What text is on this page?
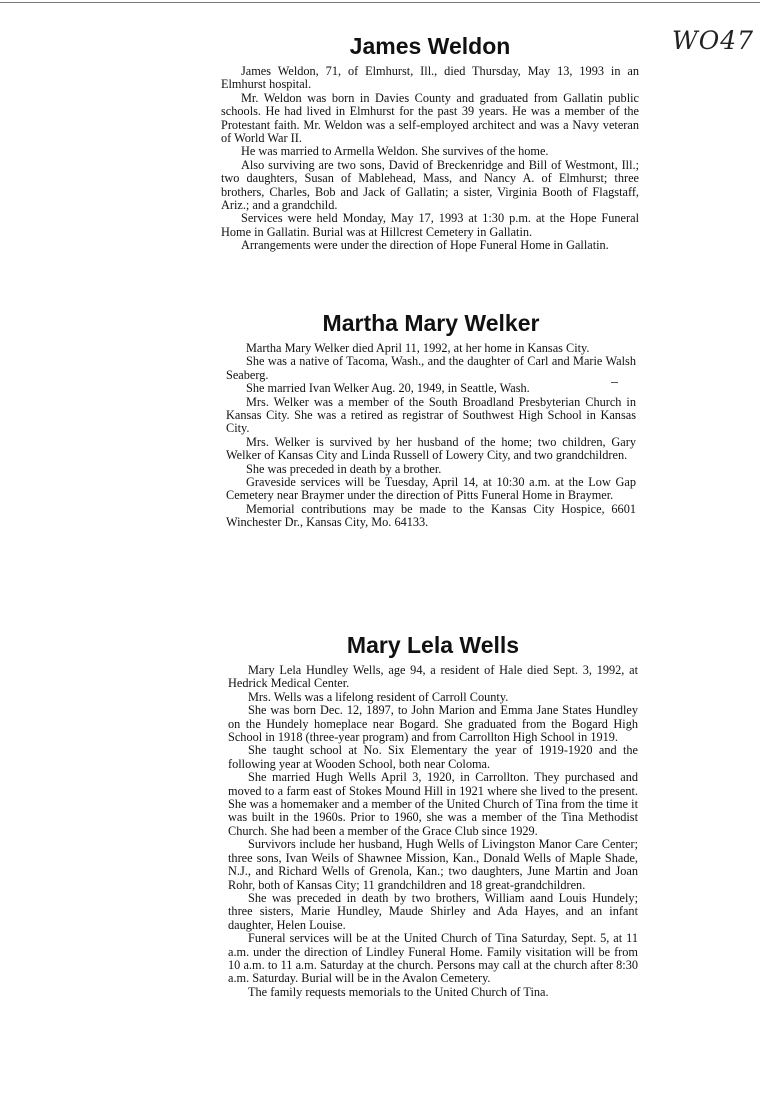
WO47
James Weldon

James Weldon, 71, of Elmhurst, Ill., died Thursday, May 13, 1993 in an Elmhurst hospital.

Mr. Weldon was born in Davies County and graduated from Gallatin public schools. He had lived in Elmhurst for the past 39 years. He was a member of the Protestant faith. Mr. Weldon was a self-employed architect and was a Navy veteran of World War II.

He was married to Armella Weldon. She survives of the home.

Also surviving are two sons, David of Breckenridge and Bill of Westmont, Ill.; two daughters, Susan of Mablehead, Mass, and Nancy A. of Elmhurst; three brothers, Charles, Bob and Jack of Gallatin; a sister, Virginia Booth of Flagstaff, Ariz.; and a grandchild.

Services were held Monday, May 17, 1993 at 1:30 p.m. at the Hope Funeral Home in Gallatin. Burial was at Hillcrest Cemetery in Gallatin.

Arrangements were under the direction of Hope Funeral Home in Gallatin.

Martha Mary Welker

Martha Mary Welker died April 11, 1992, at her home in Kansas City.

She was a native of Tacoma, Wash., and the daughter of Carl and Marie Walsh Seaberg.

She married Ivan Welker Aug. 20, 1949, in Seattle, Wash.

Mrs. Welker was a member of the South Broadland Presbyterian Church in Kansas City. She was a retired as registrar of Southwest High School in Kansas City.

Mrs. Welker is survived by her husband of the home; two children, Gary Welker of Kansas City and Linda Russell of Lowery City, and two grandchildren.

She was preceded in death by a brother.

Graveside services will be Tuesday, April 14, at 10:30 a.m. at the Low Gap Cemetery near Braymer under the direction of Pitts Funeral Home in Braymer.

Memorial contributions may be made to the Kansas City Hospice, 6601 Winchester Dr., Kansas City, Mo. 64133.

Mary Lela Wells

Mary Lela Hundley Wells, age 94, a resident of Hale died Sept. 3, 1992, at Hedrick Medical Center.

Mrs. Wells was a lifelong resident of Carroll County.

She was born Dec. 12, 1897, to John Marion and Emma Jane States Hundley on the Hundely homeplace near Bogard. She graduated from the Bogard High School in 1918 (three-year program) and from Carrollton High School in 1919.

She taught school at No. Six Elementary the year of 1919-1920 and the following year at Wooden School, both near Coloma.

She married Hugh Wells April 3, 1920, in Carrollton. They purchased and moved to a farm east of Stokes Mound Hill in 1921 where she lived to the present. She was a homemaker and a member of the United Church of Tina from the time it was built in the 1960s. Prior to 1960, she was a member of the Tina Methodist Church. She had been a member of the Grace Club since 1929.

Survivors include her husband, Hugh Wells of Livingston Manor Care Center; three sons, Ivan Weils of Shawnee Mission, Kan., Donald Wells of Maple Shade, N.J., and Richard Wells of Grenola, Kan.; two daughters, June Martin and Joan Rohr, both of Kansas City; 11 grandchildren and 18 great-grandchildren.

She was preceded in death by two brothers, William aand Louis Hundely; three sisters, Marie Hundley, Maude Shirley and Ada Hayes, and an infant daughter, Helen Louise.

Funeral services will be at the United Church of Tina Saturday, Sept. 5, at 11 a.m. under the direction of Lindley Funeral Home. Family visitation will be from 10 a.m. to 11 a.m. Saturday at the church. Persons may call at the church after 8:30 a.m. Saturday. Burial will be in the Avalon Cemetery.

The family requests memorials to the United Church of Tina.
